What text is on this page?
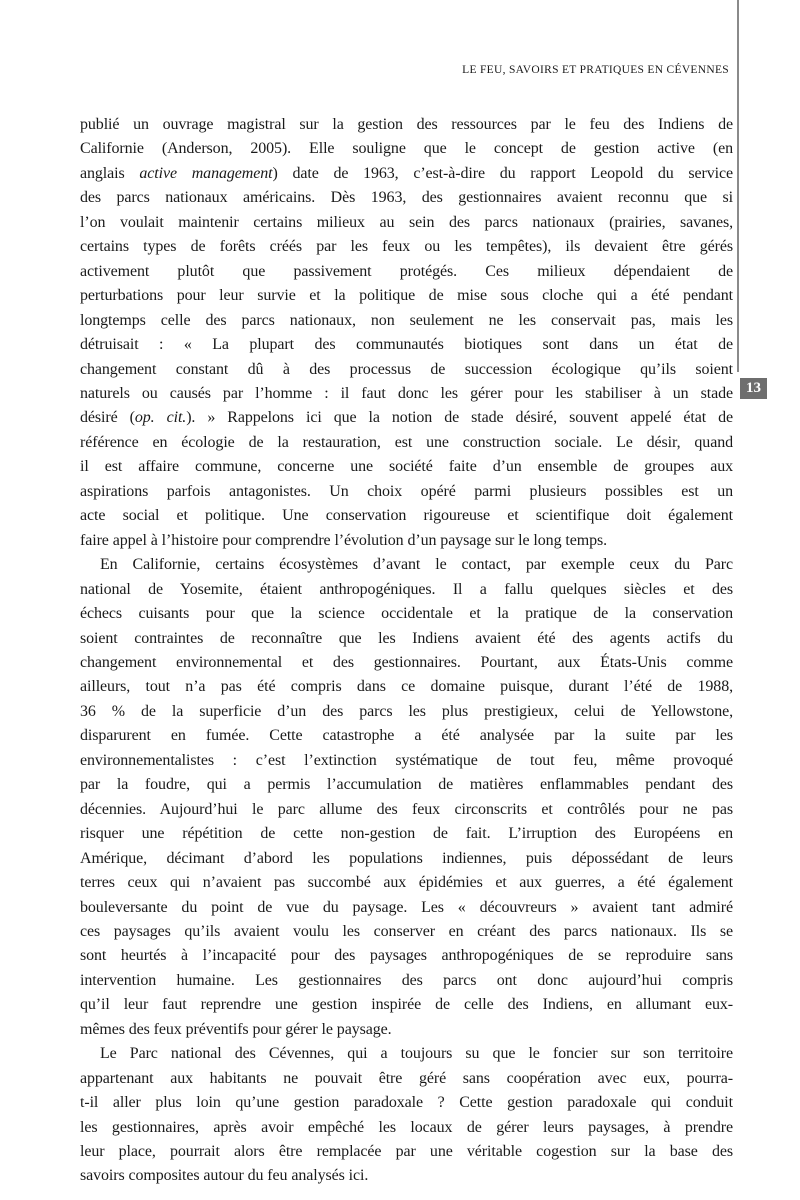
LE FEU, SAVOIRS ET PRATIQUES EN CÉVENNES
13
publié un ouvrage magistral sur la gestion des ressources par le feu des Indiens de
Californie (Anderson, 2005). Elle souligne que le concept de gestion active (en
anglais active management) date de 1963, c’est-à-dire du rapport Leopold du service
des parcs nationaux américains. Dès 1963, des gestionnaires avaient reconnu que si
l’on voulait maintenir certains milieux au sein des parcs nationaux (prairies, savanes,
certains types de forêts créés par les feux ou les tempêtes), ils devaient être gérés
activement plutôt que passivement protégés. Ces milieux dépendaient de
perturbations pour leur survie et la politique de mise sous cloche qui a été pendant
longtemps celle des parcs nationaux, non seulement ne les conservait pas, mais les
détruisait : « La plupart des communautés biotiques sont dans un état de
changement constant dû à des processus de succession écologique qu’ils soient
naturels ou causés par l’homme : il faut donc les gérer pour les stabiliser à un stade
désiré (op. cit.). » Rappelons ici que la notion de stade désiré, souvent appelé état de
référence en écologie de la restauration, est une construction sociale. Le désir, quand
il est affaire commune, concerne une société faite d’un ensemble de groupes aux
aspirations parfois antagonistes. Un choix opéré parmi plusieurs possibles est un
acte social et politique. Une conservation rigoureuse et scientifique doit également
faire appel à l’histoire pour comprendre l’évolution d’un paysage sur le long temps.
En Californie, certains écosystèmes d’avant le contact, par exemple ceux du Parc
national de Yosemite, étaient anthropogéniques. Il a fallu quelques siècles et des
échecs cuisants pour que la science occidentale et la pratique de la conservation
soient contraintes de reconnaître que les Indiens avaient été des agents actifs du
changement environnemental et des gestionnaires. Pourtant, aux États-Unis comme
ailleurs, tout n’a pas été compris dans ce domaine puisque, durant l’été de 1988,
36 % de la superficie d’un des parcs les plus prestigieux, celui de Yellowstone,
disparurent en fumée. Cette catastrophe a été analysée par la suite par les
environnementalistes : c’est l’extinction systématique de tout feu, même provoqué
par la foudre, qui a permis l’accumulation de matières enflammables pendant des
décennies. Aujourd’hui le parc allume des feux circonscrits et contrôlés pour ne pas
risquer une répétition de cette non-gestion de fait. L’irruption des Européens en
Amérique, décimant d’abord les populations indiennes, puis dépossédant de leurs
terres ceux qui n’avaient pas succombé aux épidémies et aux guerres, a été également
bouleversante du point de vue du paysage. Les « découvreurs » avaient tant admiré
ces paysages qu’ils avaient voulu les conserver en créant des parcs nationaux. Ils se
sont heurtés à l’incapacité pour des paysages anthropogéniques de se reproduire sans
intervention humaine. Les gestionnaires des parcs ont donc aujourd’hui compris
qu’il leur faut reprendre une gestion inspirée de celle des Indiens, en allumant eux-
mêmes des feux préventifs pour gérer le paysage.
Le Parc national des Cévennes, qui a toujours su que le foncier sur son territoire
appartenant aux habitants ne pouvait être géré sans coopération avec eux, pourra-
t-il aller plus loin qu’une gestion paradoxale ? Cette gestion paradoxale qui conduit
les gestionnaires, après avoir empêché les locaux de gérer leurs paysages, à prendre
leur place, pourrait alors être remplacée par une véritable cogestion sur la base des
savoirs composites autour du feu analysés ici.
